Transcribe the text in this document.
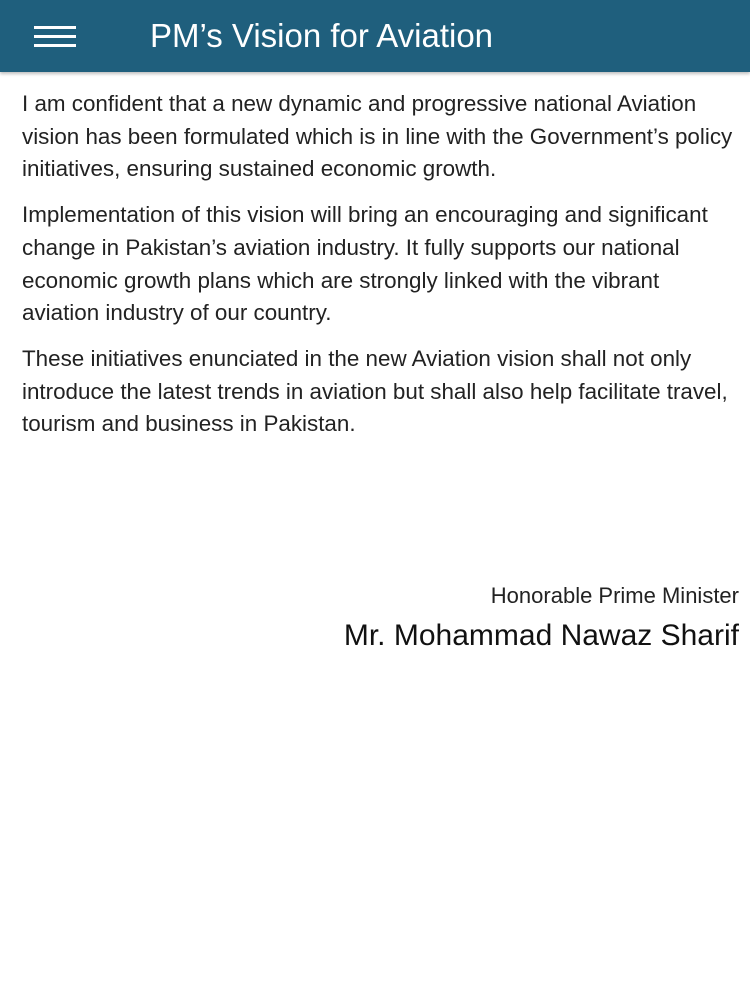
PM’s Vision for Aviation

I am confident that a new dynamic and progressive national Aviation vision has been formulated which is in line with the Government’s policy initiatives, ensuring sustained economic growth.

Implementation of this vision will bring an encouraging and significant change in Pakistan’s aviation industry. It fully supports our national economic growth plans which are strongly linked with the vibrant aviation industry of our country.

These initiatives enunciated in the new Aviation vision shall not only introduce the latest trends in aviation but shall also help facilitate travel, tourism and business in Pakistan.

Honorable Prime Minister
Mr. Mohammad Nawaz Sharif
